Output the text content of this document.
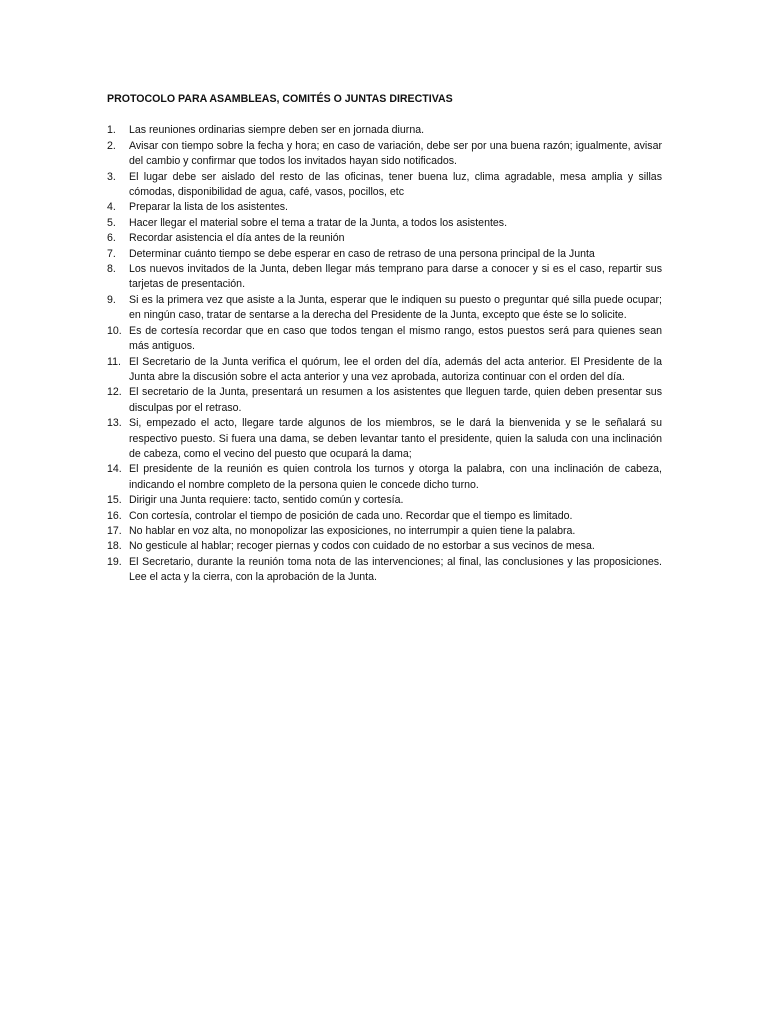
PROTOCOLO PARA ASAMBLEAS, COMITÉS O JUNTAS DIRECTIVAS
1.	Las reuniones ordinarias siempre deben ser en jornada diurna.
2.	Avisar con tiempo sobre la fecha y hora; en caso de variación, debe ser por una buena razón; igualmente, avisar del cambio y confirmar que todos los invitados hayan sido notificados.
3.	El lugar debe ser aislado del resto de las oficinas, tener buena luz, clima agradable, mesa amplia y sillas cómodas, disponibilidad de agua, café, vasos, pocillos, etc
4.	Preparar la lista de los asistentes.
5.	Hacer llegar el material sobre el tema a tratar de la Junta, a todos los asistentes.
6.	Recordar asistencia el día antes de la reunión
7.	Determinar cuánto tiempo se debe esperar en caso de retraso de una persona principal de la Junta
8.	Los nuevos invitados de la Junta, deben llegar más temprano para darse a conocer y si es el caso, repartir sus tarjetas de presentación.
9.	Si es la primera vez que asiste a la Junta, esperar que le indiquen su puesto o preguntar qué silla puede ocupar; en ningún caso, tratar de sentarse a la derecha del Presidente de la Junta, excepto que éste se lo solicite.
10. Es de cortesía recordar que en caso que todos tengan el mismo rango, estos puestos será para quienes sean más antiguos.
11. El Secretario de la Junta verifica el quórum, lee el orden del día, además del acta anterior. El Presidente de la Junta abre la discusión sobre el acta anterior y una vez aprobada, autoriza continuar con el orden del día.
12. El secretario de la Junta, presentará un resumen a los asistentes que lleguen tarde, quien deben presentar sus disculpas por el retraso.
13. Si, empezado el acto, llegare tarde algunos de los miembros, se le dará la bienvenida y se le señalará su respectivo puesto. Si fuera una dama, se deben levantar tanto el presidente, quien la saluda con una inclinación de cabeza, como el vecino del puesto que ocupará la dama;
14. El presidente de la reunión es quien controla los turnos y otorga la palabra, con una inclinación de cabeza, indicando el nombre completo de la persona quien le concede dicho turno.
15. Dirigir una Junta requiere: tacto, sentido común y cortesía.
16. Con cortesía, controlar el tiempo de posición de cada uno. Recordar que el tiempo es limitado.
17. No hablar en voz alta, no monopolizar las exposiciones, no interrumpir a quien tiene la palabra.
18. No gesticule al hablar; recoger piernas y codos con cuidado de no estorbar a sus vecinos de mesa.
19. El Secretario, durante la reunión toma nota de las intervenciones; al final, las conclusiones y las proposiciones. Lee el acta y la cierra, con la aprobación de la Junta.
